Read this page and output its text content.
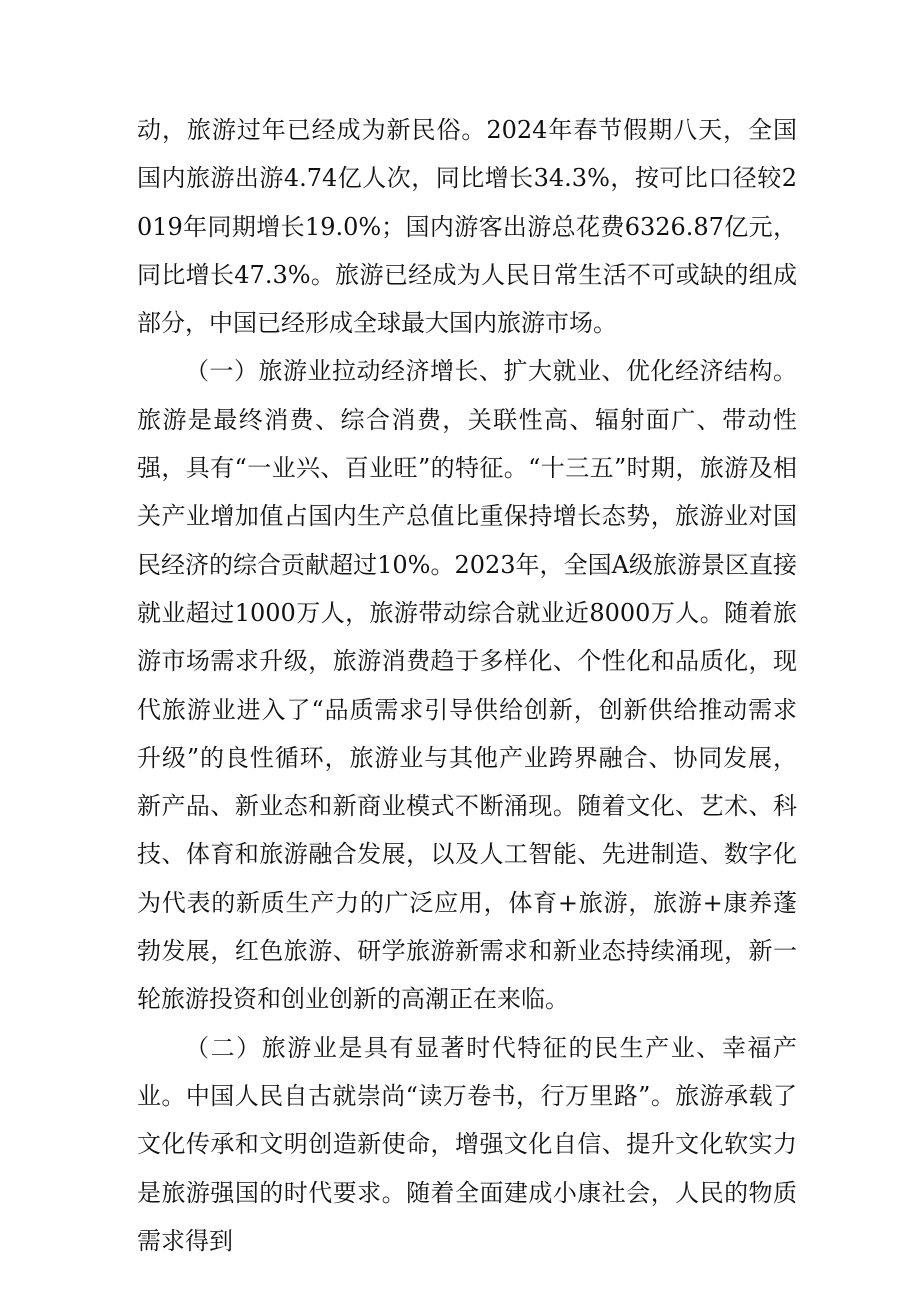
动，旅游过年已经成为新民俗。2024年春节假期八天，全国国内旅游出游4.74亿人次，同比增长34.3%，按可比口径较2019年同期增长19.0%；国内游客出游总花费6326.87亿元，同比增长47.3%。旅游已经成为人民日常生活不可或缺的组成部分，中国已经形成全球最大国内旅游市场。

（一）旅游业拉动经济增长、扩大就业、优化经济结构。旅游是最终消费、综合消费，关联性高、辐射面广、带动性强，具有“一业兴、百业旺”的特征。“十三五”时期，旅游及相关产业增加值占国内生产总值比重保持增长态势，旅游业对国民经济的综合贡献超过10%。2023年，全国A级旅游景区直接就业超过1000万人，旅游带动综合就业近8000万人。随着旅游市场需求升级，旅游消费趋于多样化、个性化和品质化，现代旅游业进入了“品质需求引导供给创新，创新供给推动需求升级”的良性循环，旅游业与其他产业跨界融合、协同发展，新产品、新业态和新商业模式不断涌现。随着文化、艺术、科技、体育和旅游融合发展，以及人工智能、先进制造、数字化为代表的新质生产力的广泛应用，体育+旅游，旅游+康养蓬勃发展，红色旅游、研学旅游新需求和新业态持续涌现，新一轮旅游投资和创业创新的高潮正在来临。

（二）旅游业是具有显著时代特征的民生产业、幸福产业。中国人民自古就崇尚“读万卷书，行万里路”。旅游承载了文化传承和文明创造新使命，增强文化自信、提升文化软实力是旅游强国的时代要求。随着全面建成小康社会，人民的物质需求得到
